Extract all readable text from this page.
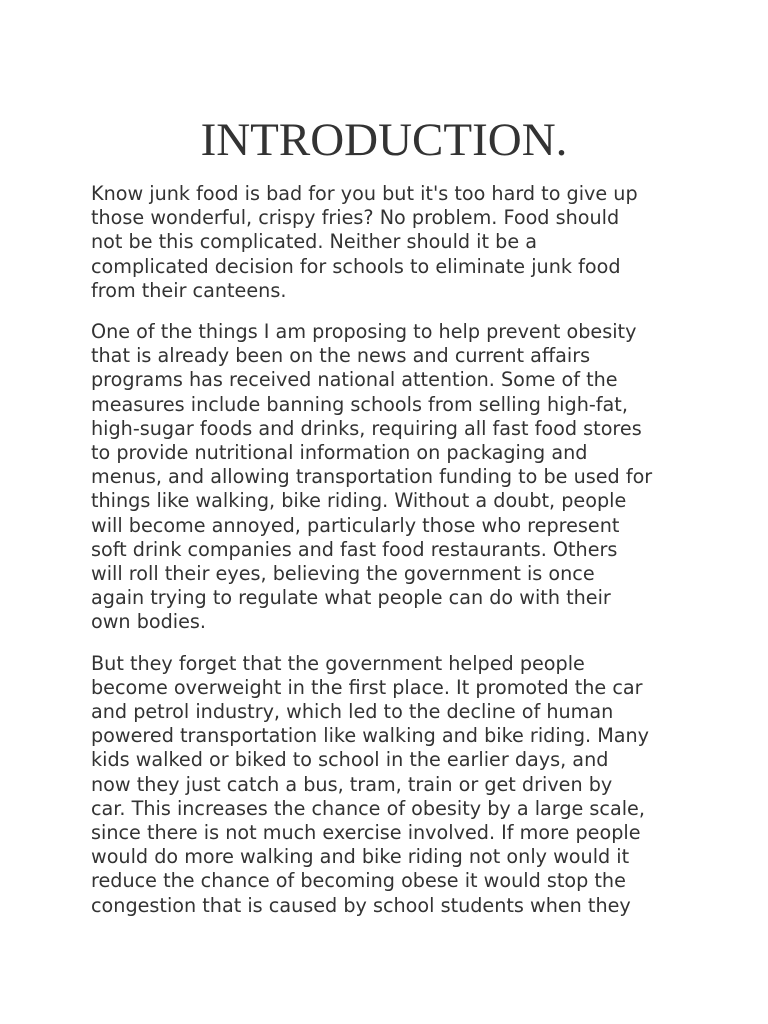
INTRODUCTION.

Know junk food is bad for you but it's too hard to give up
those wonderful, crispy fries? No problem. Food should
not be this complicated. Neither should it be a
complicated decision for schools to eliminate junk food
from their canteens.

One of the things I am proposing to help prevent obesity
that is already been on the news and current affairs
programs has received national attention. Some of the
measures include banning schools from selling high-fat,
high-sugar foods and drinks, requiring all fast food stores
to provide nutritional information on packaging and
menus, and allowing transportation funding to be used for
things like walking, bike riding. Without a doubt, people
will become annoyed, particularly those who represent
soft drink companies and fast food restaurants. Others
will roll their eyes, believing the government is once
again trying to regulate what people can do with their
own bodies.

But they forget that the government helped people
become overweight in the first place. It promoted the car
and petrol industry, which led to the decline of human
powered transportation like walking and bike riding. Many
kids walked or biked to school in the earlier days, and
now they just catch a bus, tram, train or get driven by
car. This increases the chance of obesity by a large scale,
since there is not much exercise involved. If more people
would do more walking and bike riding not only would it
reduce the chance of becoming obese it would stop the
congestion that is caused by school students when they
